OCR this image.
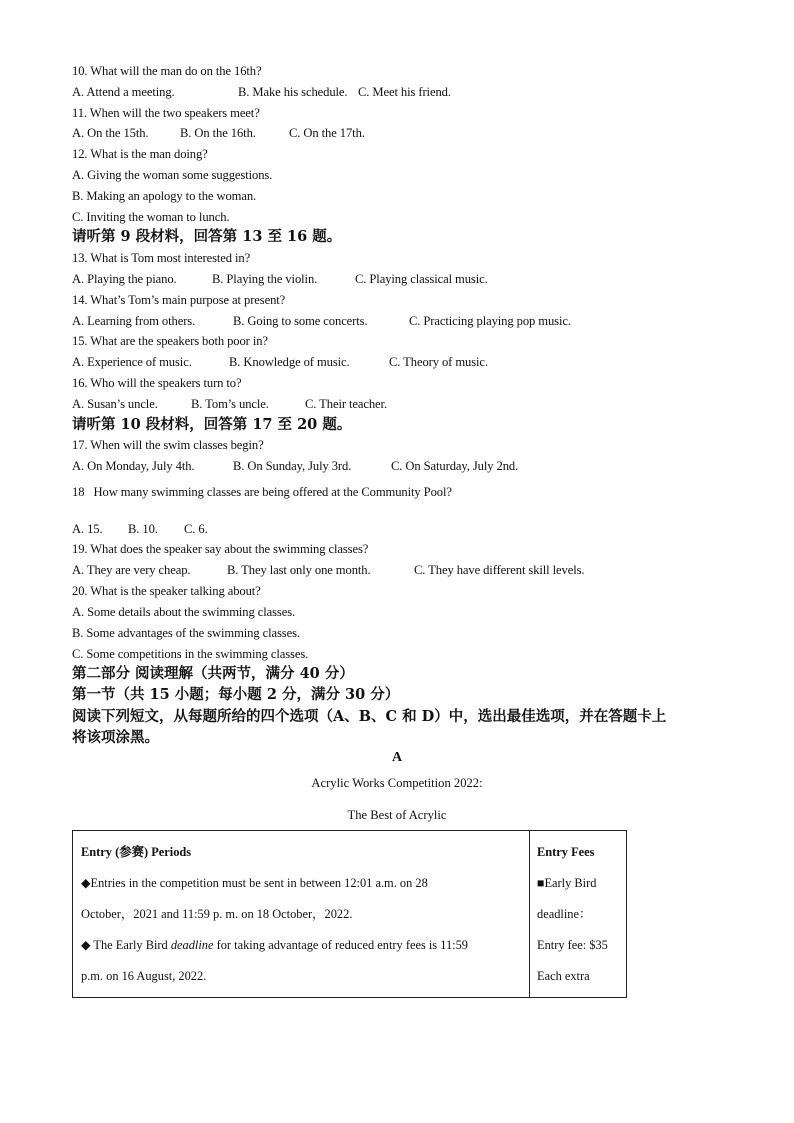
10. What will the man do on the 16th?
A. Attend a meeting.	B. Make his schedule. C. Meet his friend.
11. When will the two speakers meet?
A. On the 15th. B. On the 16th.	C. On the 17th.
12. What is the man doing?
A. Giving the woman some suggestions.
B. Making an apology to the woman.
C. Inviting the woman to lunch.
请听第 9 段材料，回答第 13 至 16 题。
13. What is Tom most interested in?
A. Playing the piano.	B. Playing the violin.	C. Playing classical music.
14. What’s Tom’s main purpose at present?
A. Learning from others.	B. Going to some concerts.	C. Practicing playing pop music.
15. What are the speakers both poor in?
A. Experience of music.	B. Knowledge of music.	C. Theory of music.
16. Who will the speakers turn to?
A. Susan’s uncle.	B. Tom’s uncle.	C. Their teacher.
请听第 10 段材料，回答第 17 至 20 题。
17. When will the swim classes begin?
A. On Monday, July 4th.	B. On Sunday, July 3rd.	C. On Saturday, July 2nd.
18   How many swimming classes are being offered at the Community Pool?
A. 15. B. 10. C. 6.
19. What does the speaker say about the swimming classes?
A. They are very cheap.	B. They last only one month.	C. They have different skill levels.
20. What is the speaker talking about?
A. Some details about the swimming classes.
B. Some advantages of the swimming classes.
C. Some competitions in the swimming classes.
第二部分 阅读理解（共两节，满分 40 分）
第一节（共 15 小题；每小题 2 分，满分 30 分）
阅读下列短文，从每题所给的四个选项（A、B、C 和 D）中，选出最佳选项，并在答题卡上
将该项涂黑。
A
Acrylic Works Competition 2022:
The Best of Acrylic
Entry (参赛) Periods
◆Entries in the competition must be sent in between 12:01 a.m. on 28
October，2021 and 11:59 p. m. on 18 October，2022.
◆ The Early Bird deadline for taking advantage of reduced entry fees is 11:59
p.m. on 16 August, 2022.

Entry Fees
■Early Bird
deadline：
Entry fee: $35
Each extra
